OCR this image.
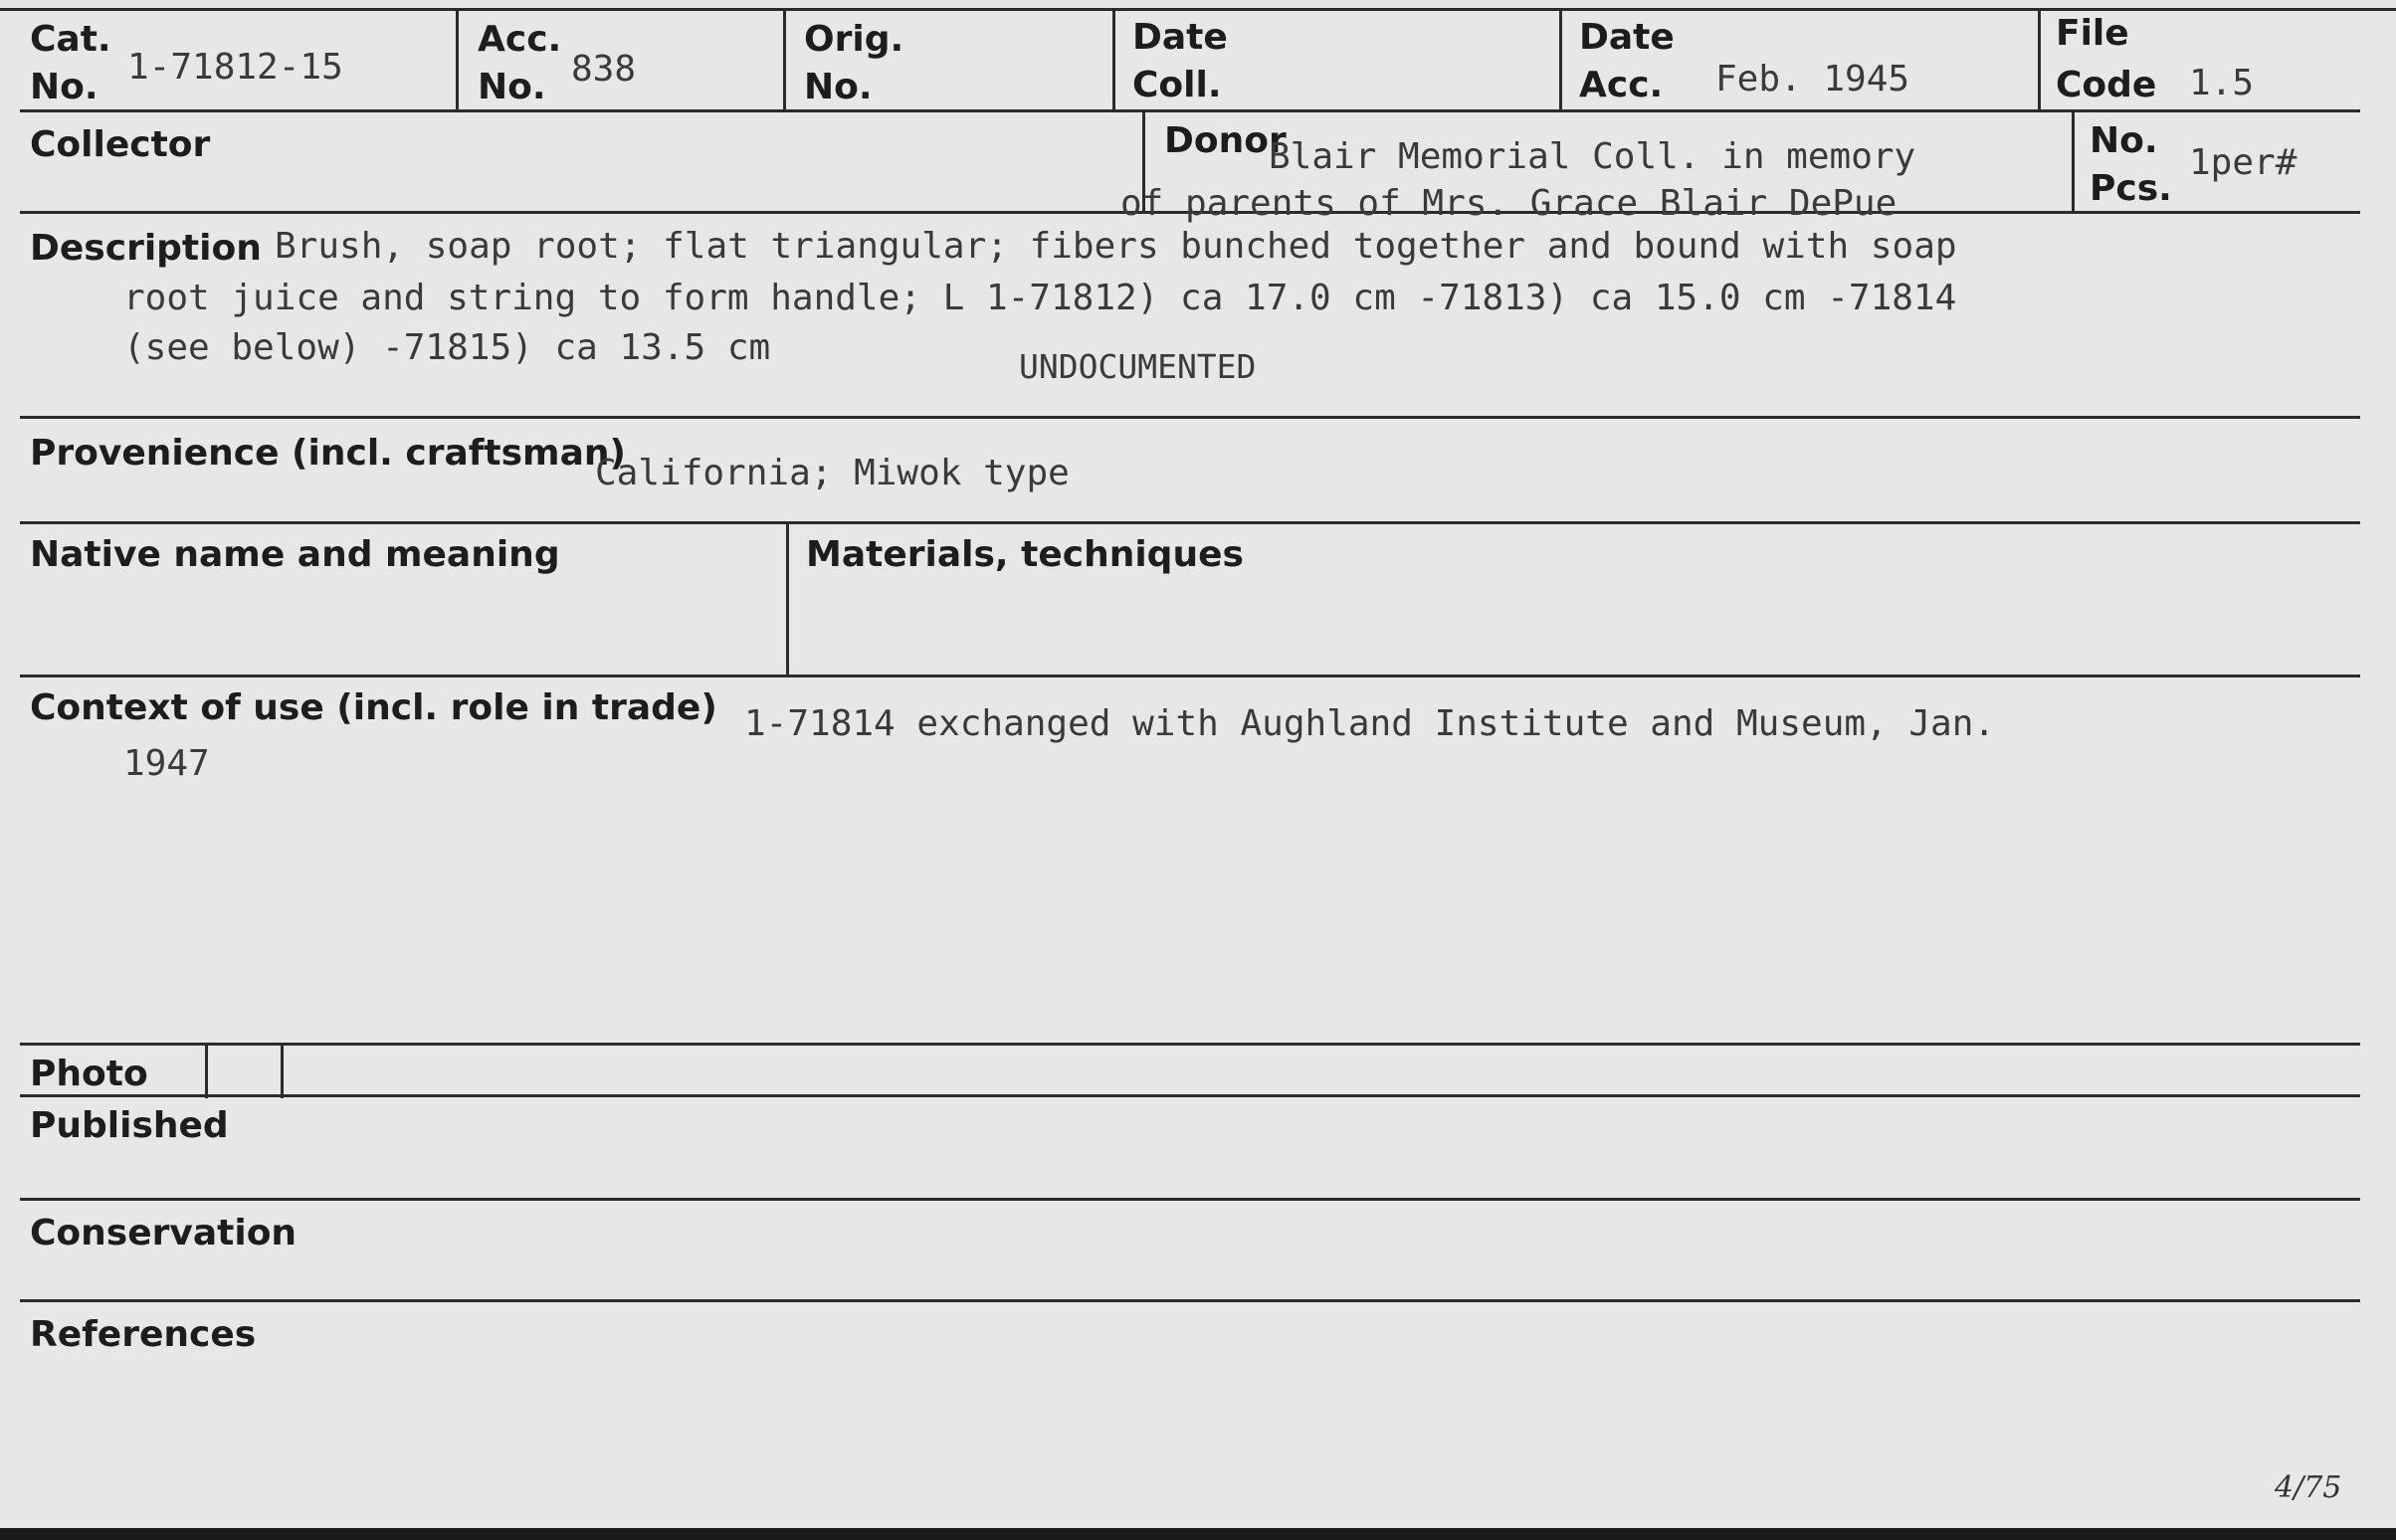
Cat.
No. 1-71812-15
Acc.
No. 838
Orig.
No.
Date
Coll.
Date
Acc. Feb. 1945
File
Code 1.5
Collector	Donor
Blair Memorial Coll. in memory
of parents of Mrs. Grace Blair DePue
No.
Pcs.
1per#
Description Brush, soap root; flat triangular; fibers bunched together and bound with soap
root juice and string to form handle; L 1-71812) ca 17.0 cm -71813) ca 15.0 cm -71814
(see below) -71815) ca 13.5 cm	UNDOCUMENTED
Provenience (incl. craftsman)
California; Miwok type
Native name and meaning	Materials, techniques
Context of use (incl. role in trade) 1-71814 exchanged with Aughland Institute and Museum, Jan.
1947
Photo
Published
Conservation
References
4/75
